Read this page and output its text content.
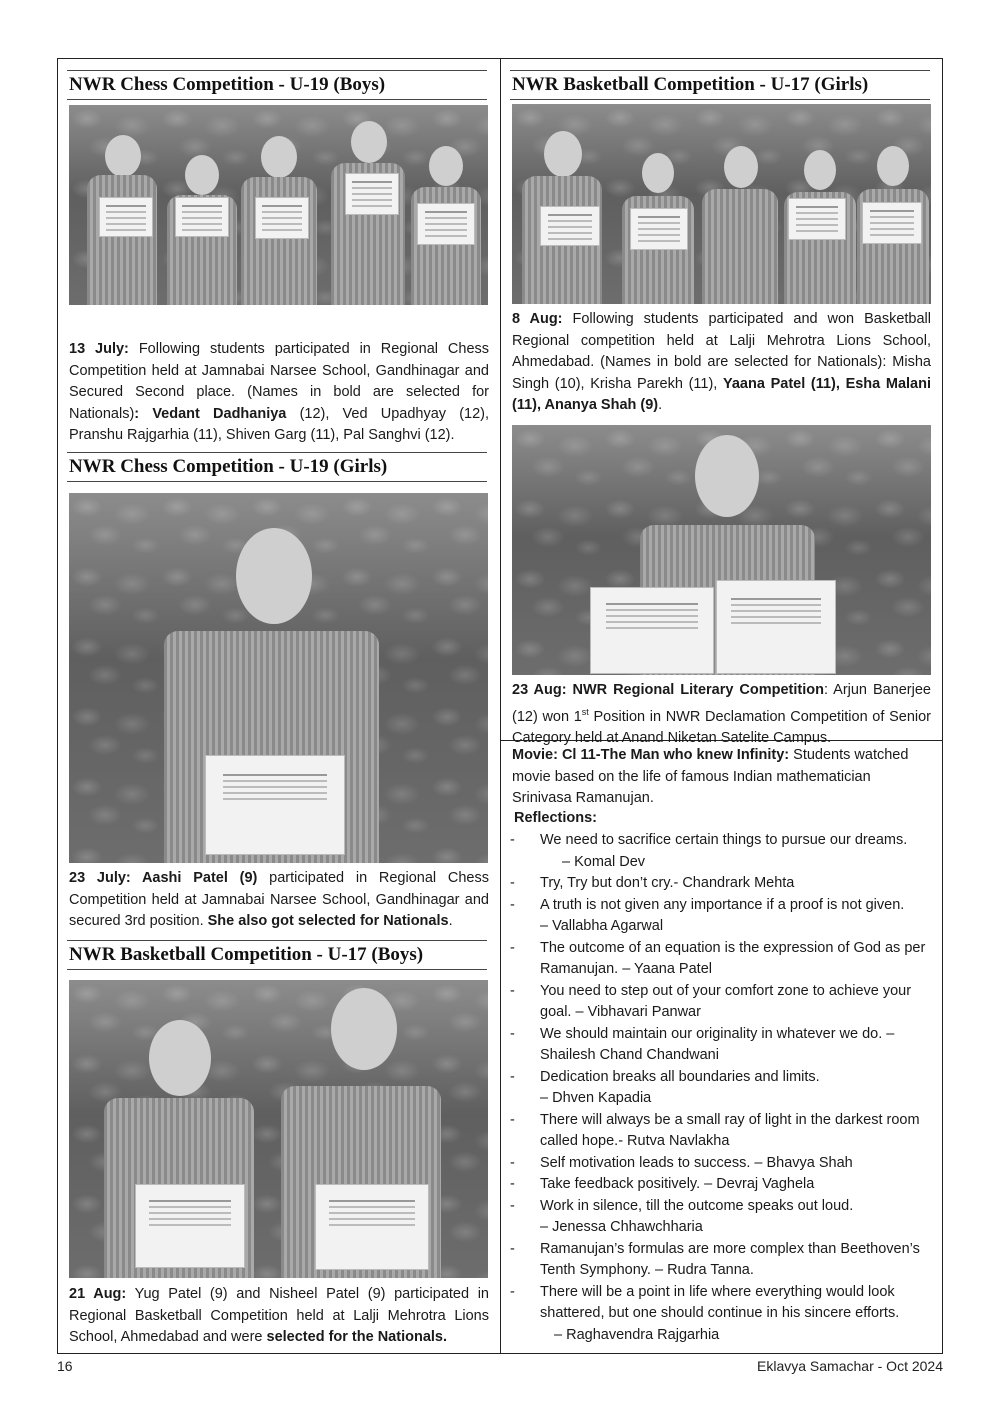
NWR Chess Competition - U-19 (Boys)
13 July: Following students participated in Regional Chess Competition held at Jamnabai Narsee School, Gandhinagar and Secured Second place. (Names in bold are selected for Nationals): Vedant Dadhaniya (12), Ved Upadhyay (12), Pranshu Rajgarhia (11), Shiven Garg (11), Pal Sanghvi (12).
NWR Chess Competition - U-19 (Girls)
23 July: Aashi Patel (9) participated in Regional Chess Competition held at Jamnabai Narsee School, Gandhinagar and secured 3rd position. She also got selected for Nationals.
NWR Basketball Competition - U-17 (Boys)
21 Aug: Yug Patel (9) and Nisheel Patel (9) participated in Regional Basketball Competition held at Lalji Mehrotra Lions School, Ahmedabad and were selected for the Nationals.
NWR Basketball Competition - U-17 (Girls)
8 Aug: Following students participated and won Basketball Regional competition held at Lalji Mehrotra Lions School, Ahmedabad. (Names in bold are selected for Nationals): Misha Singh (10), Krisha Parekh (11), Yaana Patel (11), Esha Malani (11), Ananya Shah (9).
23 Aug: NWR Regional Literary Competition: Arjun Banerjee (12) won 1st Position in NWR Declamation Competition of Senior Category held at Anand Niketan Satelite Campus.
Movie: Cl 11-The Man who knew Infinity: Students watched movie based on the life of famous Indian mathematician Srinivasa Ramanujan.
Reflections:
- We need to sacrifice certain things to pursue our dreams.
– Komal Dev
- Try, Try but don’t cry.- Chandrark Mehta
- A truth is not given any importance if a proof is not given.
– Vallabha Agarwal
- The outcome of an equation is the expression of God as per Ramanujan. – Yaana Patel
- You need to step out of your comfort zone to achieve your goal. – Vibhavari Panwar
- We should maintain our originality in whatever we do. – Shailesh Chand Chandwani
- Dedication breaks all boundaries and limits.
– Dhven Kapadia
- There will always be a small ray of light in the darkest room called hope.- Rutva Navlakha
- Self motivation leads to success. – Bhavya Shah
- Take feedback positively. – Devraj Vaghela
- Work in silence, till the outcome speaks out loud.
– Jenessa Chhawchharia
- Ramanujan’s formulas are more complex than Beethoven’s Tenth Symphony. – Rudra Tanna.
- There will be a point in life where everything would look shattered, but one should continue in his sincere efforts.
– Raghavendra Rajgarhia
16	Eklavya Samachar - Oct 2024
